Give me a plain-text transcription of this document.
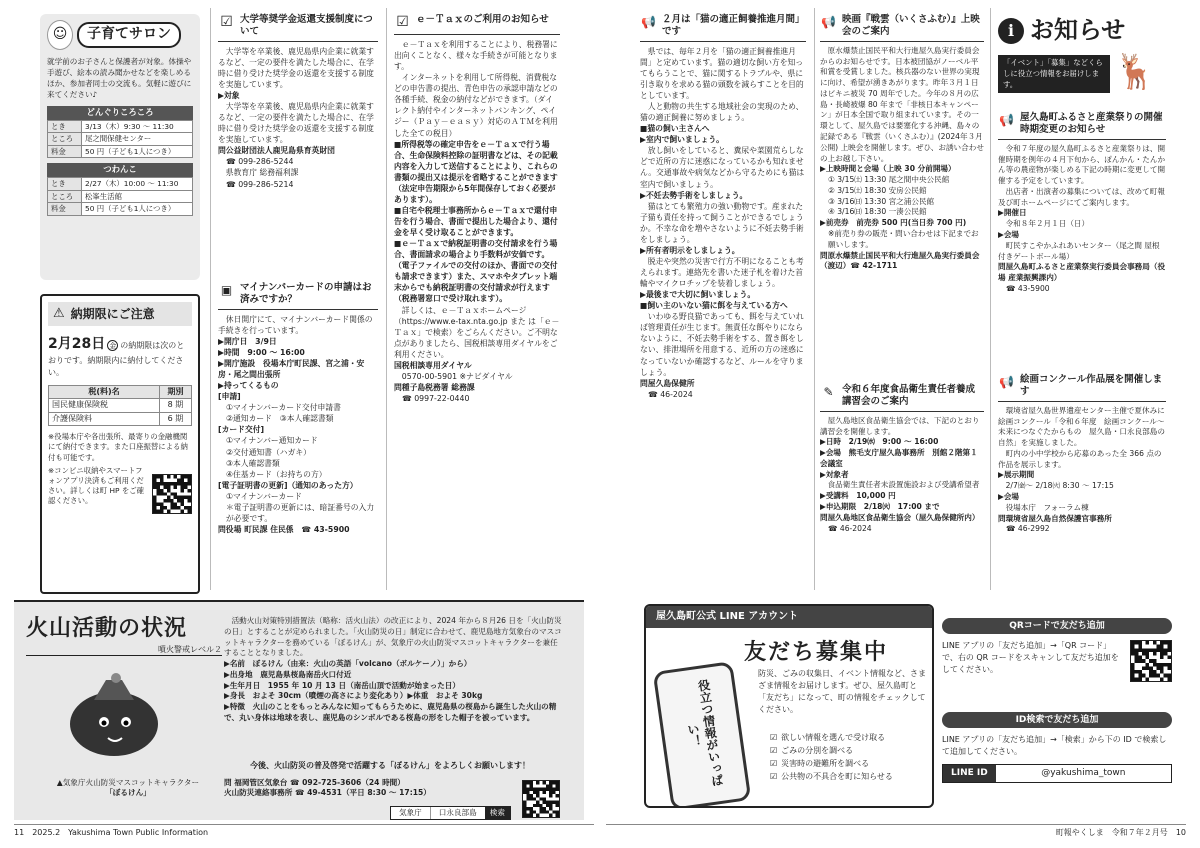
☺	子育てサロン

就学前のお子さんと保護者が対象。体操や手遊び、絵本の読み聞かせなどを楽しめるほか、参加者同士の交流も。気軽に遊びに来てください♪

どんぐりころころ
とき	3/13（木）9:30 ～ 11:30
ところ	尾之間保健センター
料金	50 円（子ども1人につき）
つわんこ
とき	2/27（木）10:00 ～ 11:30
ところ	松峯生活館
料金	50 円（子ども1人につき）
⚠ 納期限にご注意

2月28日 金 の納期限は次のとおりです。納期限内に納付してください。

税(料)名	期別
国民健康保険税	8 期
介護保険料	6 期

※役場本庁や各出張所、最寄りの金融機関にて納付できます。また口座振替による納付も可能です。

※コンビニ収納やスマートフォンアプリ決済もご利用ください。詳しくは町 HP をご確認ください。

☑ 大学等奨学金返還支援制度について

大学等を卒業後、鹿児島県内企業に就業するなど、一定の要件を満たした場合に、在学時に借り受けた奨学金の返還を支援する制度を実施しています。

▶対象

大学等を卒業後、鹿児島県内企業に就業するなど、一定の要件を満たした場合に、在学時に借り受けた奨学金の返還を支援する制度を実施しています。

問公益財団法人鹿児島県育英財団

☎ 099-286-5244

県教育庁 総務福利課

☎ 099-286-5214

▣ マイナンバーカードの申請はお済みですか？

休日開庁にて、マイナンバーカード関係の手続きを行っています。

▶開庁日　3/9日

▶時間　9:00 ～ 16:00

▶開庁施設　役場本庁町民課、宮之浦・安房・尾之間出張所

▶持ってくるもの

[申請]

①マイナンバーカード交付申請書

②通知カード　③本人確認書類

[カード交付]

①マイナンバー通知カード

②交付通知書（ハガキ）

③本人確認書類

④住基カード（お持ちの方）

[電子証明書の更新]（通知のあった方）

①マイナンバーカード

＊電子証明書の更新には、暗証番号の入力が必要です。

問役場 町民課 住民係　☎ 43-5900

☑ ｅ－Ｔａｘのご利用のお知らせ

ｅ－Ｔａｘを利用することにより、税務署に出向くことなく、様々な手続きが可能となります。

インターネットを利用して所得税、消費税などの申告書の提出、青色申告の承認申請などの各種手続、税金の納付などができます。（ダイレクト納付やインターネットバンキング、ペイジー（Ｐａｙ－ｅａｓｙ）対応のＡＴＭを利用した全ての税目）

■所得税等の確定申告をｅ－Ｔａｘで行う場合、生命保険料控除の証明書などは、その記載内容を入力して送信することにより、これらの書類の提出又は提示を省略することができます（法定申告期限から5年間保存しておく必要があります）。

■自宅や税理士事務所からｅ－Ｔａｘで還付申告を行う場合、書面で提出した場合より、還付金を早く受け取ることができます。

■ｅ－Ｔａｘで納税証明書の交付請求を行う場合、書面請求の場合より手数料が安価です。（電子ファイルでの交付のほか、書面での交付も請求できます）また、スマホやタブレット端末からでも納税証明書の交付請求が行えます（税務署窓口で受け取れます）。

詳しくは、ｅ－Ｔａｘホームページ（https://www.e-tax.nta.go.jp また は「ｅ－Ｔａｘ」で検索）をごらんください。ご不明な点がありましたら、国税相談専用ダイヤルをご利用ください。

国税相談専用ダイヤル

0570-00-5901 ※ナビダイヤル

問種子島税務署 総務課

☎ 0997-22-0440

📢 ２月は「猫の適正飼養推進月間」です

県では、毎年２月を「猫の適正飼養推進月間」と定めています。猫の適切な飼い方を知ってもらうことで、猫に関するトラブルや、県に引き取りを求める猫の頭数を減らすことを目的としています。

人と動物の共生する地域社会の実現のため、猫の適正飼養に努めましょう。

■猫の飼い主さんへ

▶室内で飼いましょう。

放し飼いをしていると、糞尿や菜園荒らしなどで近所の方に迷惑になっているかも知れません。交通事故や病気などから守るためにも猫は室内で飼いましょう。

▶不妊去勢手術をしましょう。

猫はとても繁殖力の強い動物です。産まれた子猫も責任を持って飼うことができるでしょうか。不幸な命を増やさないように不妊去勢手術をしましょう。

▶所有者明示をしましょう。

脱走や突然の災害で行方不明になることも考えられます。連絡先を書いた迷子札を着けた首輪やマイクロチップを装着しましょう。

▶最後まで大切に飼いましょう。

■飼い主のいない猫に餌を与えている方へ

いわゆる野良猫であっても、餌を与えていれば管理責任が生じます。無責任な餌やりにならないように、不妊去勢手術をする、置き餌をしない、排泄場所を用意する、近所の方の迷惑になっていないか確認するなど、ルールを守りましょう。

問屋久島保健所

☎ 46-2024

📢 映画『戦雲（いくさふむ）』上映会のご案内

原水爆禁止国民平和大行進屋久島実行委員会からのお知らせです。日本被団協がノーベル平和賞を受賞しました。核兵器のない世界の実現に向け、希望が湧きあがります。昨年３月１日はビキニ被災 70 周年でした。今年の８月の広島・長崎被爆 80 年まで「非核日本キャンペーン」が日本全国で取り組まれています。その一環として、屋久島では要塞化する沖縄、島々の記録である『戦雲（いくさふむ）』(2024年３月公開) 上映会を開催します。ぜひ、お誘い合わせの上お越し下さい。

▶上映時間と会場（上映 30 分前開場）

① 3/15㈯ 13:30 尾之間中央公民館

② 3/15㈯ 18:30 安房公民館

③ 3/16㈰ 13:30 宮之浦公民館

④ 3/16㈰ 18:30 一湊公民館

▶前売券　前売券 500 円(当日券 700 円)

※前売り券の販売・問い合わせは下記までお願いします。

問原水爆禁止国民平和大行進屋久島実行委員会（渡辺）☎ 42-1711

✎ 令和６年度食品衛生責任者養成講習会のご案内

屋久島地区食品衛生協会では、下記のとおり講習会を開催します。

▶日時　2/19㈬　9:00 ～ 16:00

▶会場　熊毛支庁屋久島事務所　別館２階第１会議室

▶対象者

食品衛生責任者未設置施設および受講希望者

▶受講料　10,000 円

▶申込期限　2/18㈫　17:00 まで

問屋久島地区食品衛生協会（屋久島保健所内）

☎ 46-2024

i お知らせ

「イベント」「募集」などくらしに役立つ情報をお届けします。	🦌
📢 屋久島町ふるさと産業祭りの開催時期変更のお知らせ

令和７年度の屋久島町ふるさと産業祭りは、開催時期を例年の４月下旬から、ぽんかん・たんかん等の農産物が楽しめる下記の時期に変更して開催する予定をしています。

出店者・出演者の募集については、改めて町報及び町ホームページにてご案内します。

▶開催日

令和８年２月１日（日）

▶会場

町民すこやかふれあいセンター（尾之間 屋根付きゲートボール場）

問屋久島町ふるさと産業祭実行委員会事務局（役場 産業振興課内）

☎ 43-5900

📢 絵画コンクール作品展を開催します

環境省屋久島世界遺産センター主催で夏休みに絵画コンクール「令和６年度　絵画コンクール～未来につなぐたからもの　屋久島・口永良部島の自然」を実施しました。

町内の小中学校から応募のあった全 366 点の作品を展示します。

▶展示期間

2/7㈮～ 2/18㈫ 8:30 ～ 17:15

▶会場

役場本庁　フォーラム棟

問環境省屋久島自然保護官事務所

☎ 46-2992

火山活動の状況
噴火警戒レベル２
▲気象庁火山防災マスコットキャラクター
「ぼるけん」

活動火山対策特別措置法（略称：活火山法）の改正により、2024 年から８月26 日を「火山防災の日」とすることが定められました。「火山防災の日」制定に合わせて、鹿児島地方気象台のマスコットキャラクターを務めている「ぼるけん」が、気象庁の火山防災マスコットキャラクターを兼任することとなりました。

▶名前　ぼるけん（由来：火山の英語「volcano（ボルケーノ）」から）

▶出身地　鹿児島県桜島南岳火口付近

▶生年月日　1955 年 10 月 13 日（南岳山頂で活動が始まった日）

▶身長　およそ 30cm（噴煙の高さにより変化あり）▶体重　およそ 30kg

▶特徴　火山のことをもっとみんなに知ってもらうために、鹿児島県の桜島から誕生した火山の精で、丸い身体は地球を表し、鹿児島のシンボルである桜島の形をした帽子を被っています。

今後、火山防災の普及啓発で活躍する「ぼるけん」をよろしくお願いします！
問 福岡管区気象台 ☎ 092-725-3606（24 時間）
火山防災連絡事務所 ☎ 49-4531（平日 8:30 ～ 17:15）
気象庁	口永良部島	検索
屋久島町公式 LINE アカウント
友だち募集中
役立つ情報がいっぱい！

防災、ごみの収集日、イベント情報など、さまざま情報をお届けします。ぜひ、屋久島町と「友だち」になって、町の情報をチェックしてください。

☑ 欲しい情報を選んで受け取る
☑ ごみの分別を調べる
☑ 災害時の避難所を調べる
☑ 公共物の不具合を町に知らせる
QRコードで友だち追加

LINE アプリの「友だち追加」→「QR コード」で、右の QR コードをスキャンして友だち追加をしてください。

ID検索で友だち追加

LINE アプリの「友だち追加」→「検索」から下の ID で検索して追加してください。

LINE ID	@yakushima_town
11 2025.2　Yakushima Town Public Information	町報やくしま　令和７年２月号 10
